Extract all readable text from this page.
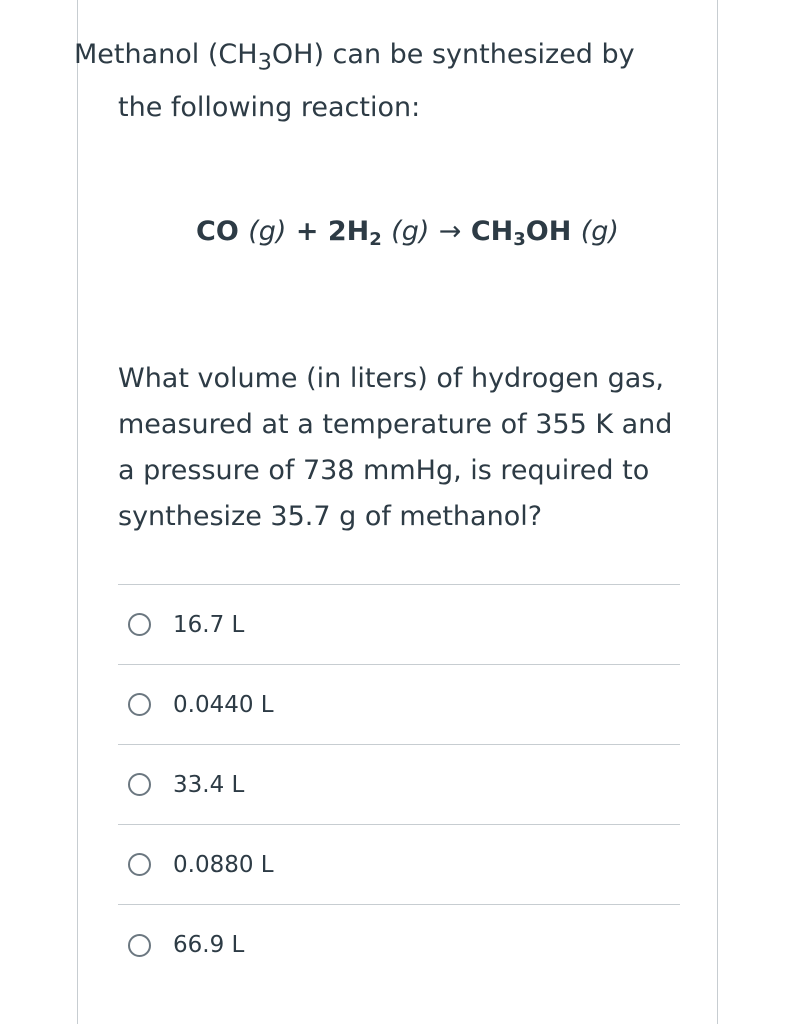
Methanol $(CH_3OH)$ can be synthesized by
the following reaction:

CO $(g) + 2H_2$ $(g) \to CH_3OH$ (g)

What volume (in liters) of hydrogen gas, measured at a temperature of 355 K and a pressure of 738 mmHg, is required to synthesize 35.7 g of methanol?

16.7 L
0.0440 L
33.4 L
0.0880 L
66.9 L
